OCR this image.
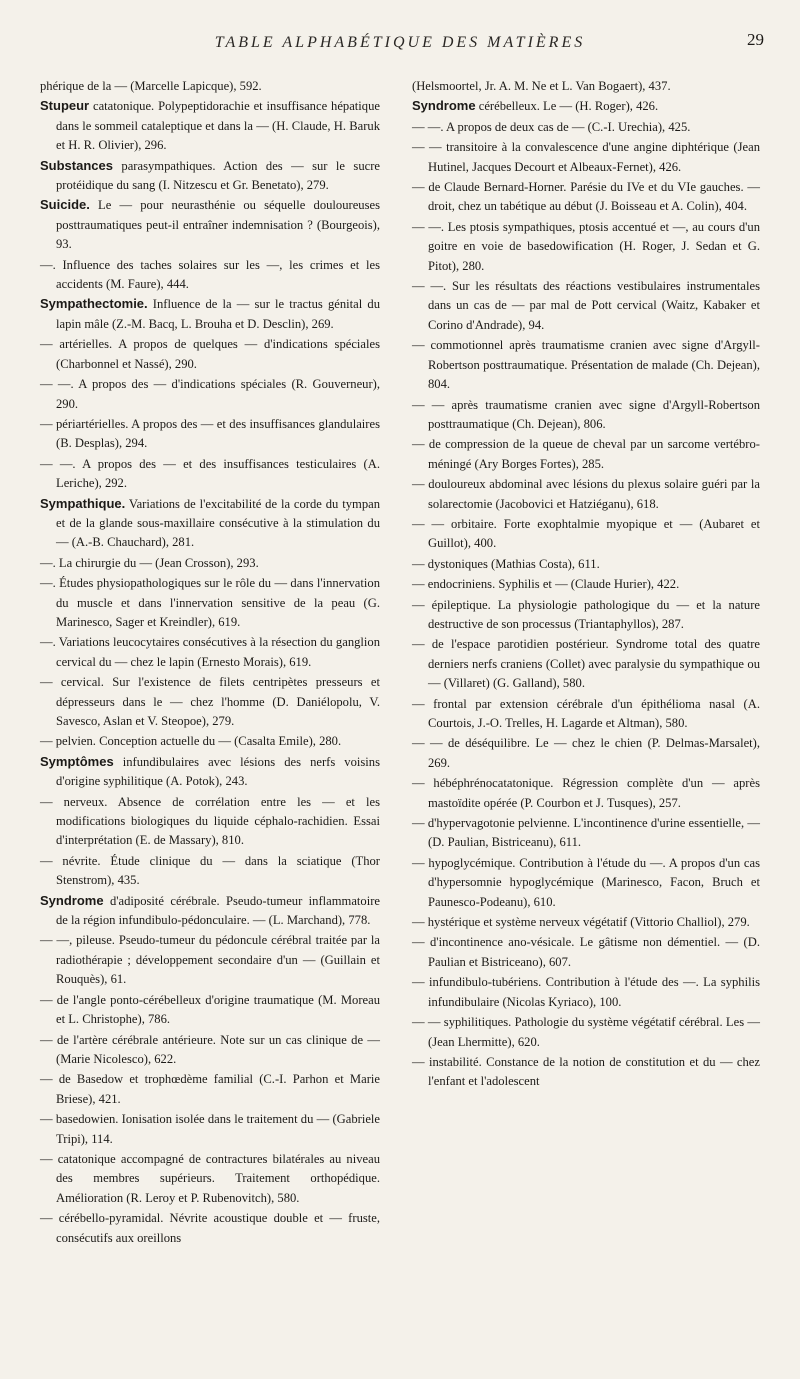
TABLE ALPHABÉTIQUE DES MATIÈRES	29

phérique de la — (Marcelle Lapicque), 592.

Stupeur catatonique. Polypeptidorachie et insuffisance hépatique dans le sommeil cataleptique et dans la — (H. Claude, H. Baruk et H. R. Olivier), 296.

Substances parasympathiques. Action des — sur le sucre protéidique du sang (I. Nitzescu et Gr. Benetato), 279.

Suicide. Le — pour neurasthénie ou séquelle douloureuses posttraumatiques peut-il entraîner indemnisation ? (Bourgeois), 93.

—. Influence des taches solaires sur les —, les crimes et les accidents (M. Faure), 444.

Sympathectomie. Influence de la — sur le tractus génital du lapin mâle (Z.-M. Bacq, L. Brouha et D. Desclin), 269.

— artérielles. A propos de quelques — d'indications spéciales (Charbonnel et Nassé), 290.

— —. A propos des — d'indications spéciales (R. Gouverneur), 290.

— périartérielles. A propos des — et des insuffisances glandulaires (B. Desplas), 294.

— —. A propos des — et des insuffisances testiculaires (A. Leriche), 292.

Sympathique. Variations de l'excitabilité de la corde du tympan et de la glande sous-maxillaire consécutive à la stimulation du — (A.-B. Chauchard), 281.

—. La chirurgie du — (Jean Crosson), 293.

—. Études physiopathologiques sur le rôle du — dans l'innervation du muscle et dans l'innervation sensitive de la peau (G. Marinesco, Sager et Kreindler), 619.

—. Variations leucocytaires consécutives à la résection du ganglion cervical du — chez le lapin (Ernesto Morais), 619.

— cervical. Sur l'existence de filets centripètes presseurs et dépresseurs dans le — chez l'homme (D. Daniélopolu, V. Savesco, Aslan et V. Steopoe), 279.

— pelvien. Conception actuelle du — (Casalta Emile), 280.

Symptômes infundibulaires avec lésions des nerfs voisins d'origine syphilitique (A. Potok), 243.

— nerveux. Absence de corrélation entre les — et les modifications biologiques du liquide céphalo-rachidien. Essai d'interprétation (E. de Massary), 810.

— névrite. Étude clinique du — dans la sciatique (Thor Stenstrom), 435.

Syndrome d'adiposité cérébrale. Pseudo-tumeur inflammatoire de la région infundibulo-pédonculaire. — (L. Marchand), 778.

— —, pileuse. Pseudo-tumeur du pédoncule cérébral traitée par la radiothérapie ; développement secondaire d'un — (Guillain et Rouquès), 61.

— de l'angle ponto-cérébelleux d'origine traumatique (M. Moreau et L. Christophe), 786.

— de l'artère cérébrale antérieure. Note sur un cas clinique de — (Marie Nicolesco), 622.

— de Basedow et trophœdème familial (C.-I. Parhon et Marie Briese), 421.

— basedowien. Ionisation isolée dans le traitement du — (Gabriele Tripi), 114.

— catatonique accompagné de contractures bilatérales au niveau des membres supérieurs. Traitement orthopédique. Amélioration (R. Leroy et P. Rubenovitch), 580.

— cérébello-pyramidal. Névrite acoustique double et — fruste, consécutifs aux oreillons

(Helsmoortel, Jr. A. M. Ne et L. Van Bogaert), 437.

Syndrome cérébelleux. Le — (H. Roger), 426.

— —. A propos de deux cas de — (C.-I. Urechia), 425.

— — transitoire à la convalescence d'une angine diphtérique (Jean Hutinel, Jacques Decourt et Albeaux-Fernet), 426.

— de Claude Bernard-Horner. Parésie du IVe et du VIe gauches. —droit, chez un tabétique au début (J. Boisseau et A. Colin), 404.

— —. Les ptosis sympathiques, ptosis accentué et —, au cours d'un goitre en voie de basedowification (H. Roger, J. Sedan et G. Pitot), 280.

— —. Sur les résultats des réactions vestibulaires instrumentales dans un cas de — par mal de Pott cervical (Waitz, Kabaker et Corino d'Andrade), 94.

— commotionnel après traumatisme cranien avec signe d'Argyll-Robertson posttraumatique. Présentation de malade (Ch. Dejean), 804.

— — après traumatisme cranien avec signe d'Argyll-Robertson posttraumatique (Ch. Dejean), 806.

— de compression de la queue de cheval par un sarcome vertébro-méningé (Ary Borges Fortes), 285.

— douloureux abdominal avec lésions du plexus solaire guéri par la solarectomie (Jacobovici et Hatziéganu), 618.

— — orbitaire. Forte exophtalmie myopique et — (Aubaret et Guillot), 400.

— dystoniques (Mathias Costa), 611.

— endocriniens. Syphilis et — (Claude Hurier), 422.

— épileptique. La physiologie pathologique du — et la nature destructive de son processus (Triantaphyllos), 287.

— de l'espace parotidien postérieur. Syndrome total des quatre derniers nerfs craniens (Collet) avec paralysie du sympathique ou — (Villaret) (G. Galland), 580.

— frontal par extension cérébrale d'un épithélioma nasal (A. Courtois, J.-O. Trelles, H. Lagarde et Altman), 580.

— — de déséquilibre. Le — chez le chien (P. Delmas-Marsalet), 269.

— hébéphrénocatatonique. Régression complète d'un — après mastoïdite opérée (P. Courbon et J. Tusques), 257.

— d'hypervagotonie pelvienne. L'incontinence d'urine essentielle, — (D. Paulian, Bistriceanu), 611.

— hypoglycémique. Contribution à l'étude du —. A propos d'un cas d'hypersomnie hypoglycémique (Marinesco, Facon, Bruch et Paunesco-Podeanu), 610.

— hystérique et système nerveux végétatif (Vittorio Challiol), 279.

— d'incontinence ano-vésicale. Le gâtisme non démentiel. — (D. Paulian et Bistriceano), 607.

— infundibulo-tubériens. Contribution à l'étude des —. La syphilis infundibulaire (Nicolas Kyriaco), 100.

— — syphilitiques. Pathologie du système végétatif cérébral. Les — (Jean Lhermitte), 620.

— instabilité. Constance de la notion de constitution et du — chez l'enfant et l'adolescent
